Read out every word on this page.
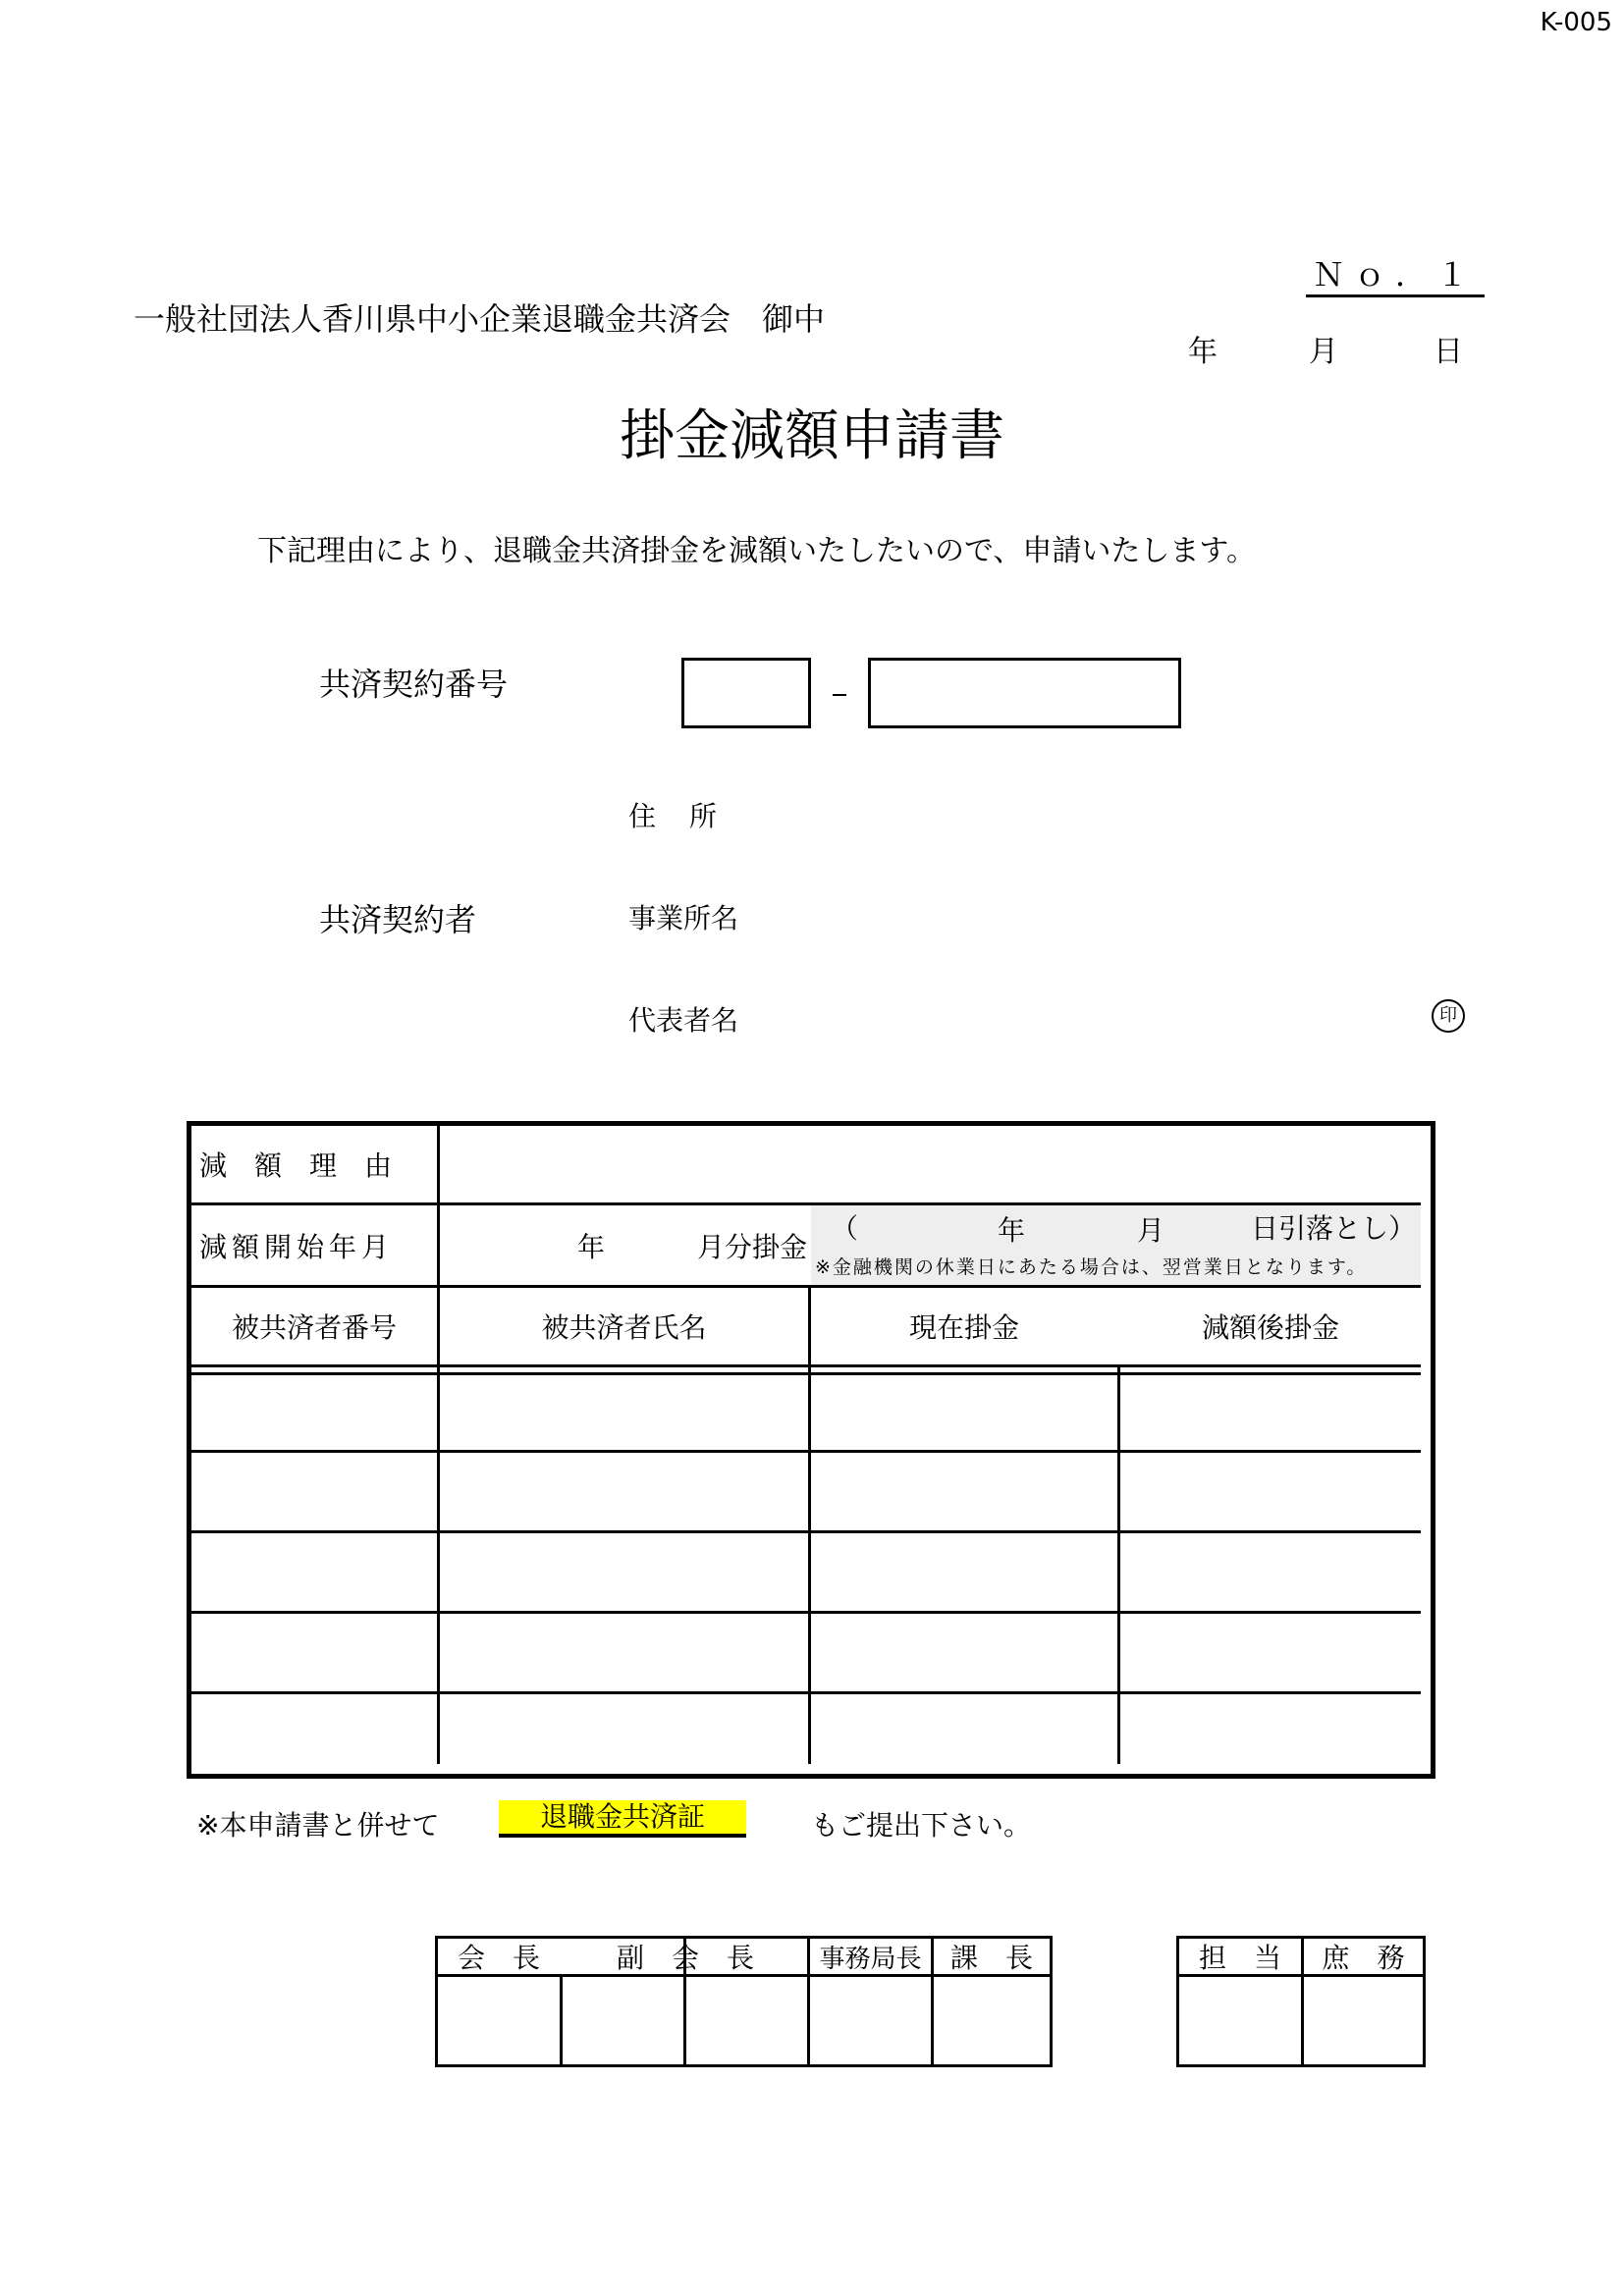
K-005
Ｎｏ．１
年	月	日
一般社団法人香川県中小企業退職金共済会　御中
掛金減額申請書
下記理由により、退職金共済掛金を減額いたしたいので、申請いたします。
共済契約番号
共済契約者
住所
事業所名
代表者名	印
減　額　理　由
減額開始年月	年	月分掛金
（	年	月	日引落とし）
※金融機関の休業日にあたる場合は、翌営業日となります。
被共済者番号	被共済者氏名	現在掛金	減額後掛金
※本申請書と併せて	退職金共済証	もご提出下さい。
会　長	副　会　長	事務局長	課　長	担　当	庶　務
